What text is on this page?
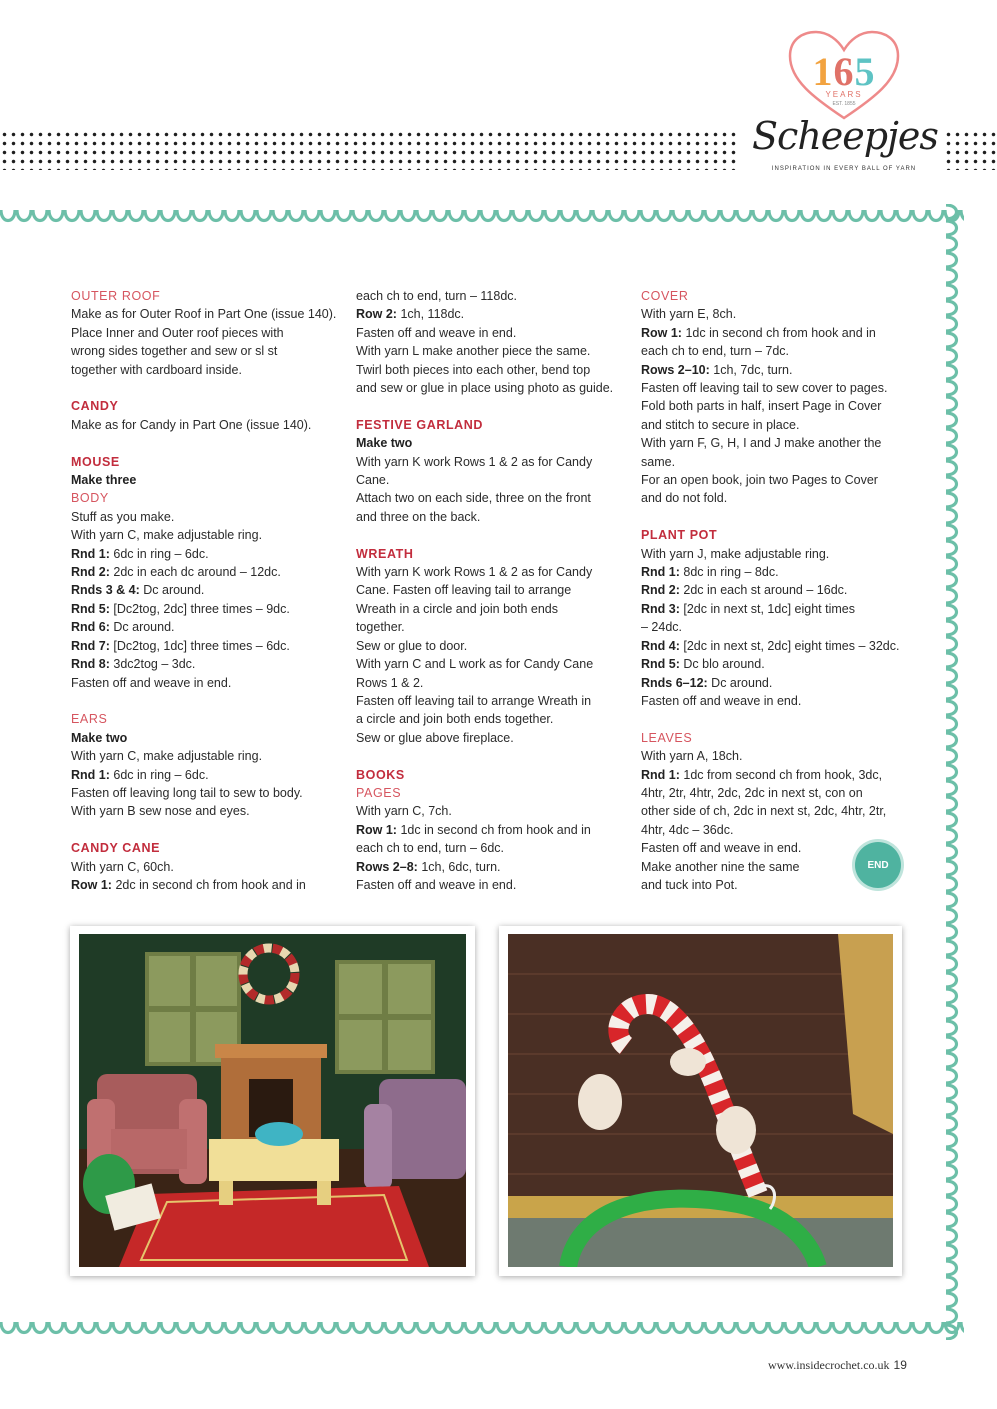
165
YEARS
EST. 1855
Scheepjes
INSPIRATION IN EVERY BALL OF YARN

OUTER ROOF

Make as for Outer Roof in Part One (issue 140).

Place Inner and Outer roof pieces with

wrong sides together and sew or sl st

together with cardboard inside.

CANDY

Make as for Candy in Part One (issue 140).

MOUSE

Make three

BODY

Stuff as you make.

With yarn C, make adjustable ring.

Rnd 1: 6dc in ring – 6dc.

Rnd 2: 2dc in each dc around – 12dc.

Rnds 3 & 4: Dc around.

Rnd 5: [Dc2tog, 2dc] three times – 9dc.

Rnd 6: Dc around.

Rnd 7: [Dc2tog, 1dc] three times – 6dc.

Rnd 8: 3dc2tog – 3dc.

Fasten off and weave in end.

EARS

Make two

With yarn C, make adjustable ring.

Rnd 1: 6dc in ring – 6dc.

Fasten off leaving long tail to sew to body.

With yarn B sew nose and eyes.

CANDY CANE

With yarn C, 60ch.

Row 1: 2dc in second ch from hook and in

each ch to end, turn – 118dc.

Row 2: 1ch, 118dc.

Fasten off and weave in end.

With yarn L make another piece the same.

Twirl both pieces into each other, bend top

and sew or glue in place using photo as guide.

FESTIVE GARLAND

Make two

With yarn K work Rows 1 & 2 as for Candy

Cane.

Attach two on each side, three on the front

and three on the back.

WREATH

With yarn K work Rows 1 & 2 as for Candy

Cane. Fasten off leaving tail to arrange

Wreath in a circle and join both ends

together.

Sew or glue to door.

With yarn C and L work as for Candy Cane

Rows 1 & 2.

Fasten off leaving tail to arrange Wreath in

a circle and join both ends together.

Sew or glue above fireplace.

BOOKS

PAGES

With yarn C, 7ch.

Row 1: 1dc in second ch from hook and in

each ch to end, turn – 6dc.

Rows 2–8: 1ch, 6dc, turn.

Fasten off and weave in end.

COVER

With yarn E, 8ch.

Row 1: 1dc in second ch from hook and in

each ch to end, turn – 7dc.

Rows 2–10: 1ch, 7dc, turn.

Fasten off leaving tail to sew cover to pages.

Fold both parts in half, insert Page in Cover

and stitch to secure in place.

With yarn F, G, H, I and J make another the

same.

For an open book, join two Pages to Cover

and do not fold.

PLANT POT

With yarn J, make adjustable ring.

Rnd 1: 8dc in ring – 8dc.

Rnd 2: 2dc in each st around – 16dc.

Rnd 3: [2dc in next st, 1dc] eight times

– 24dc.

Rnd 4: [2dc in next st, 2dc] eight times – 32dc.

Rnd 5: Dc blo around.

Rnds 6–12: Dc around.

Fasten off and weave in end.

LEAVES

With yarn A, 18ch.

Rnd 1: 1dc from second ch from hook, 3dc,

4htr, 2tr, 4htr, 2dc, 2dc in next st, con on

other side of ch, 2dc in next st, 2dc, 4htr, 2tr,

4htr, 4dc – 36dc.

Fasten off and weave in end.

Make another nine the same

and tuck into Pot.

END
www.insidecrochet.co.uk 19
